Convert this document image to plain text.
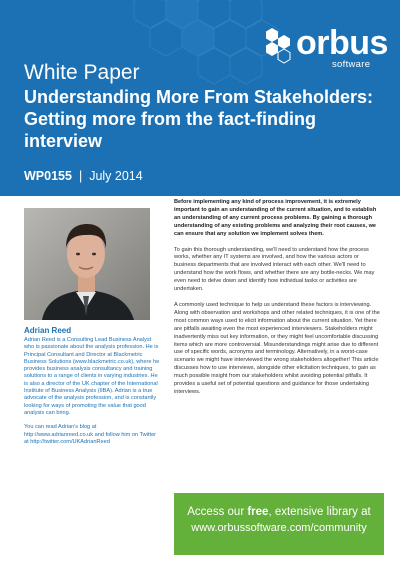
orbus
software
White Paper
Understanding More From Stakeholders: Getting more from the fact-finding interview
WP0155 | July 2014
Adrian Reed

Adrian Reed is a Consulting Lead Business Analyst who is passionate about the analysis profession. He is Principal Consultant and Director at Blackmetric Business Solutions (www.blackmetric.co.uk), where he provides business analysis consultancy and training solutions to a range of clients in varying industries. He is also a director of the UK chapter of the International Institute of Business Analysis (IIBA). Adrian is a true advocate of the analysis profession, and is constantly looking for ways of promoting the value that good analysis can bring.

You can read Adrian's blog at http://www.adrianreed.co.uk and follow him on Twitter at http://twitter.com/UKAdrianReed

Before implementing any kind of process improvement, it is extremely important to gain an understanding of the current situation, and to establish an understanding of any current process problems. By gaining a thorough understanding of any existing problems and analyzing their root causes, we can ensure that any solution we implement solves them.

To gain this thorough understanding, we'll need to understand how the process works, whether any IT systems are involved, and how the various actors or business departments that are involved interact with each other. We'll need to understand how the work flows, and whether there are any bottle-necks. We may even need to delve down and identify how individual tasks or activities are undertaken.

A commonly used technique to help us understand these factors is interviewing. Along with observation and workshops and other related techniques, it is one of the most common ways used to elicit information about the current situation. Yet there are pitfalls awaiting even the most experienced interviewers. Stakeholders might inadvertently miss out key information, or they might feel uncomfortable discussing items which are more controversial. Misunderstandings might arise due to different use of specific words, acronyms and terminology. Alternatively, in a worst-case scenario we might have interviewed the wrong stakeholders altogether! This article discusses how to use interviews, alongside other elicitation techniques, to gain as much possible insight from our stakeholders whilst avoiding potential pitfalls. It provides a useful set of potential questions and guidance for those undertaking interviews.

Access our free, extensive library at
www.orbussoftware.com/community
